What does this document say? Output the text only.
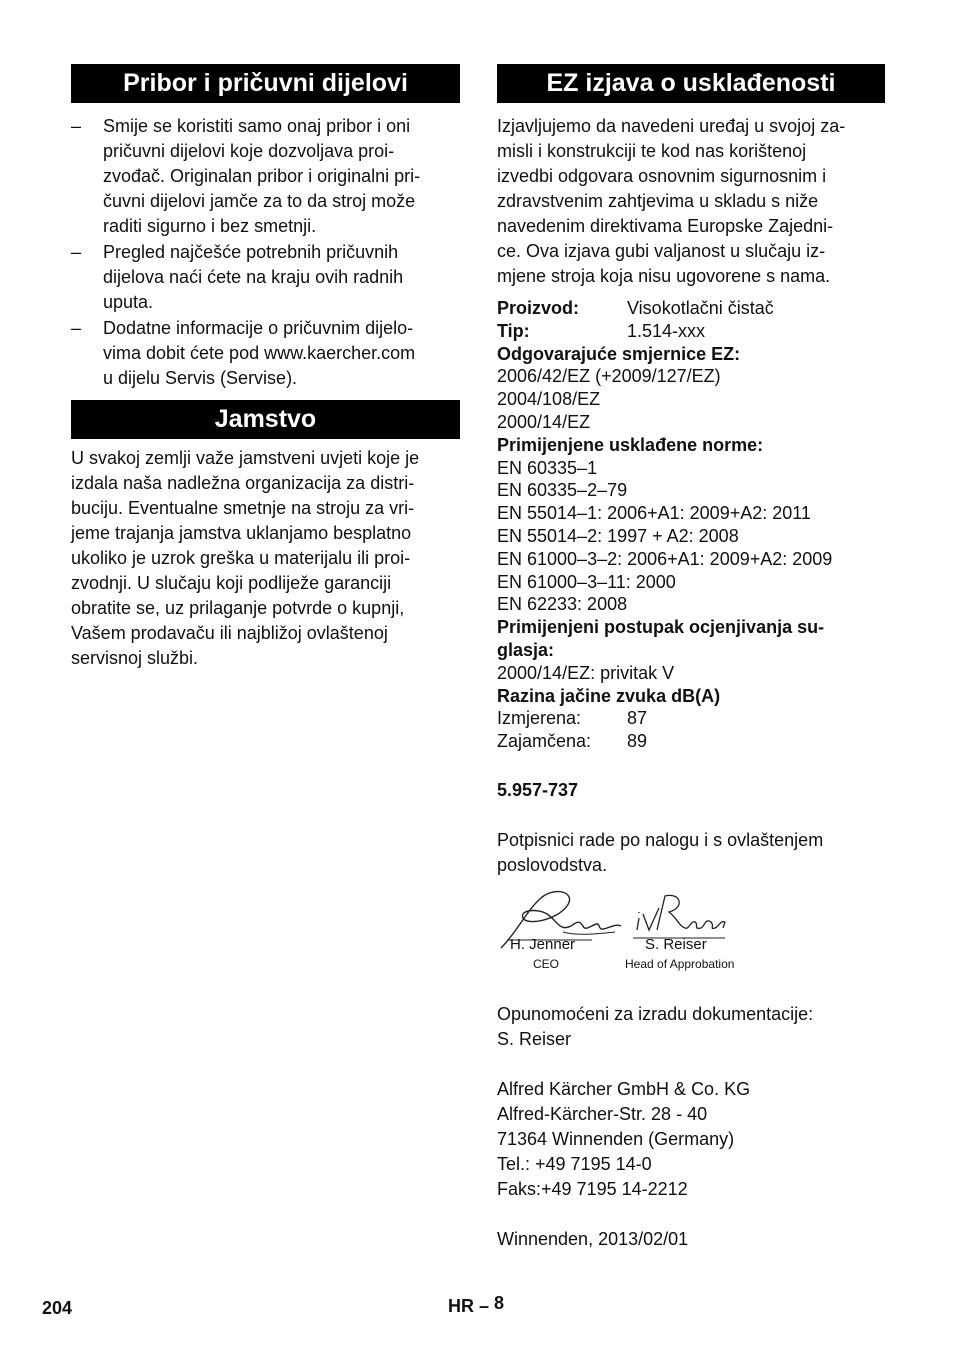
Pribor i pričuvni dijelovi
– Smije se koristiti samo onaj pribor i oni
pričuvni dijelovi koje dozvoljava proi-
zvođač. Originalan pribor i originalni pri-
čuvni dijelovi jamče za to da stroj može
raditi sigurno i bez smetnji.
– Pregled najčešće potrebnih pričuvnih
dijelova naći ćete na kraju ovih radnih
uputa.
– Dodatne informacije o pričuvnim dijelo-
vima dobit ćete pod www.kaercher.com
u dijelu Servis (Servise).
Jamstvo

U svakoj zemlji važe jamstveni uvjeti koje je
izdala naša nadležna organizacija za distri-
buciju. Eventualne smetnje na stroju za vri-
jeme trajanja jamstva uklanjamo besplatno
ukoliko je uzrok greška u materijalu ili proi-
zvodnji. U slučaju koji podliježe garanciji
obratite se, uz prilaganje potvrde o kupnji,
Vašem prodavaču ili najbližoj ovlaštenoj
servisnoj službi.

EZ izjava o usklađenosti

Izjavljujemo da navedeni uređaj u svojoj za-
misli i konstrukciji te kod nas korištenoj
izvedbi odgovara osnovnim sigurnosnim i
zdravstvenim zahtjevima u skladu s niže
navedenim direktivama Europske Zajedni-
ce. Ova izjava gubi valjanost u slučaju iz-
mjene stroja koja nisu ugovorene s nama.

Proizvod:	Visokotlačni čistač
Tip:	1.514-xxx
Odgovarajuće smjernice EZ:
2006/42/EZ (+2009/127/EZ)
2004/108/EZ
2000/14/EZ
Primijenjene usklađene norme:
EN 60335–1
EN 60335–2–79
EN 55014–1: 2006+A1: 2009+A2: 2011
EN 55014–2: 1997 + A2: 2008
EN 61000–3–2: 2006+A1: 2009+A2: 2009
EN 61000–3–11: 2000
EN 62233: 2008
Primijenjeni postupak ocjenjivanja su-
glasja:
2000/14/EZ: privitak V
Razina jačine zvuka dB(A)
Izmjerena:	87
Zajamčena:	89
5.957-737

Potpisnici rade po nalogu i s ovlaštenjem
poslovodstva.

H. Jenner
CEO
S. Reiser
Head of Approbation

Opunomoćeni za izradu dokumentacije:
S. Reiser

Alfred Kärcher GmbH & Co. KG
Alfred-Kärcher-Str. 28 - 40
71364 Winnenden (Germany)
Tel.: +49 7195 14-0
Faks:+49 7195 14-2212

Winnenden, 2013/02/01

204	HR – 8
